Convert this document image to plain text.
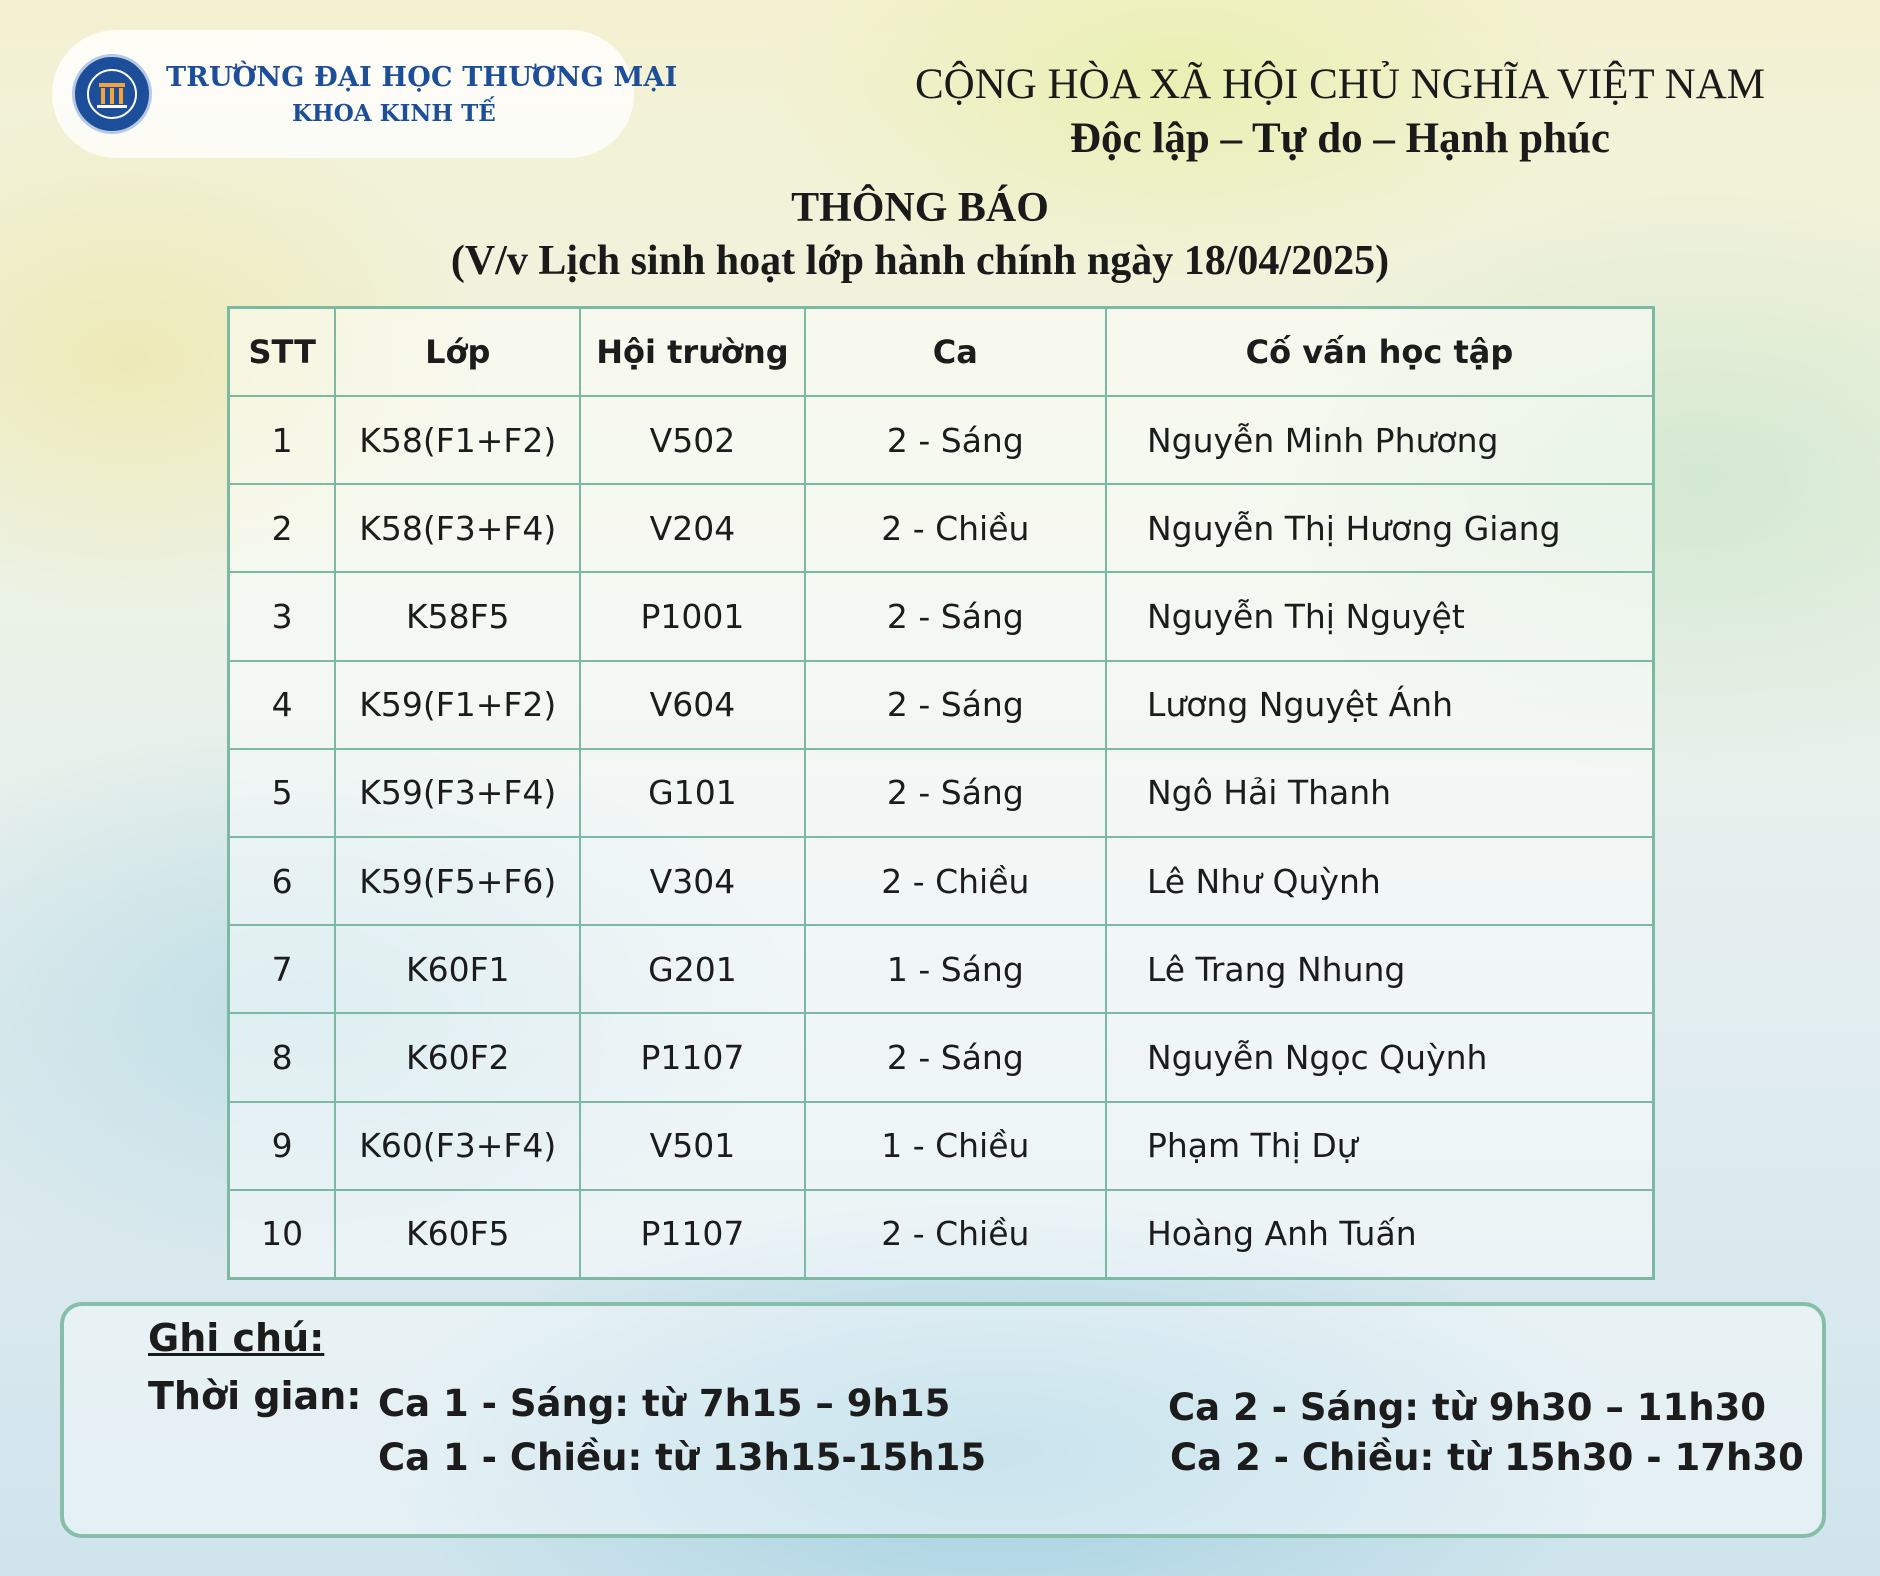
TRƯỜNG ĐẠI HỌC THƯƠNG MẠI
KHOA KINH TẾ
CỘNG HÒA XÃ HỘI CHỦ NGHĨA VIỆT NAM
Độc lập – Tự do – Hạnh phúc
THÔNG BÁO
(V/v Lịch sinh hoạt lớp hành chính ngày 18/04/2025)
STT	Lớp	Hội trường	Ca	Cố vấn học tập
1	K58(F1+F2)	V502	2 - Sáng	Nguyễn Minh Phương
2	K58(F3+F4)	V204	2 - Chiều	Nguyễn Thị Hương Giang
3	K58F5	P1001	2 - Sáng	Nguyễn Thị Nguyệt
4	K59(F1+F2)	V604	2 - Sáng	Lương Nguyệt Ánh
5	K59(F3+F4)	G101	2 - Sáng	Ngô Hải Thanh
6	K59(F5+F6)	V304	2 - Chiều	Lê Như Quỳnh
7	K60F1	G201	1 - Sáng	Lê Trang Nhung
8	K60F2	P1107	2 - Sáng	Nguyễn Ngọc Quỳnh
9	K60(F3+F4)	V501	1 - Chiều	Phạm Thị Dự
10	K60F5	P1107	2 - Chiều	Hoàng Anh Tuấn
Ghi chú:
Thời gian: Ca 1 - Sáng: từ 7h15 – 9h15
Ca 1 - Chiều: từ 13h15-15h15
Ca 2 - Sáng: từ 9h30 – 11h30
Ca 2 - Chiều: từ 15h30 - 17h30
